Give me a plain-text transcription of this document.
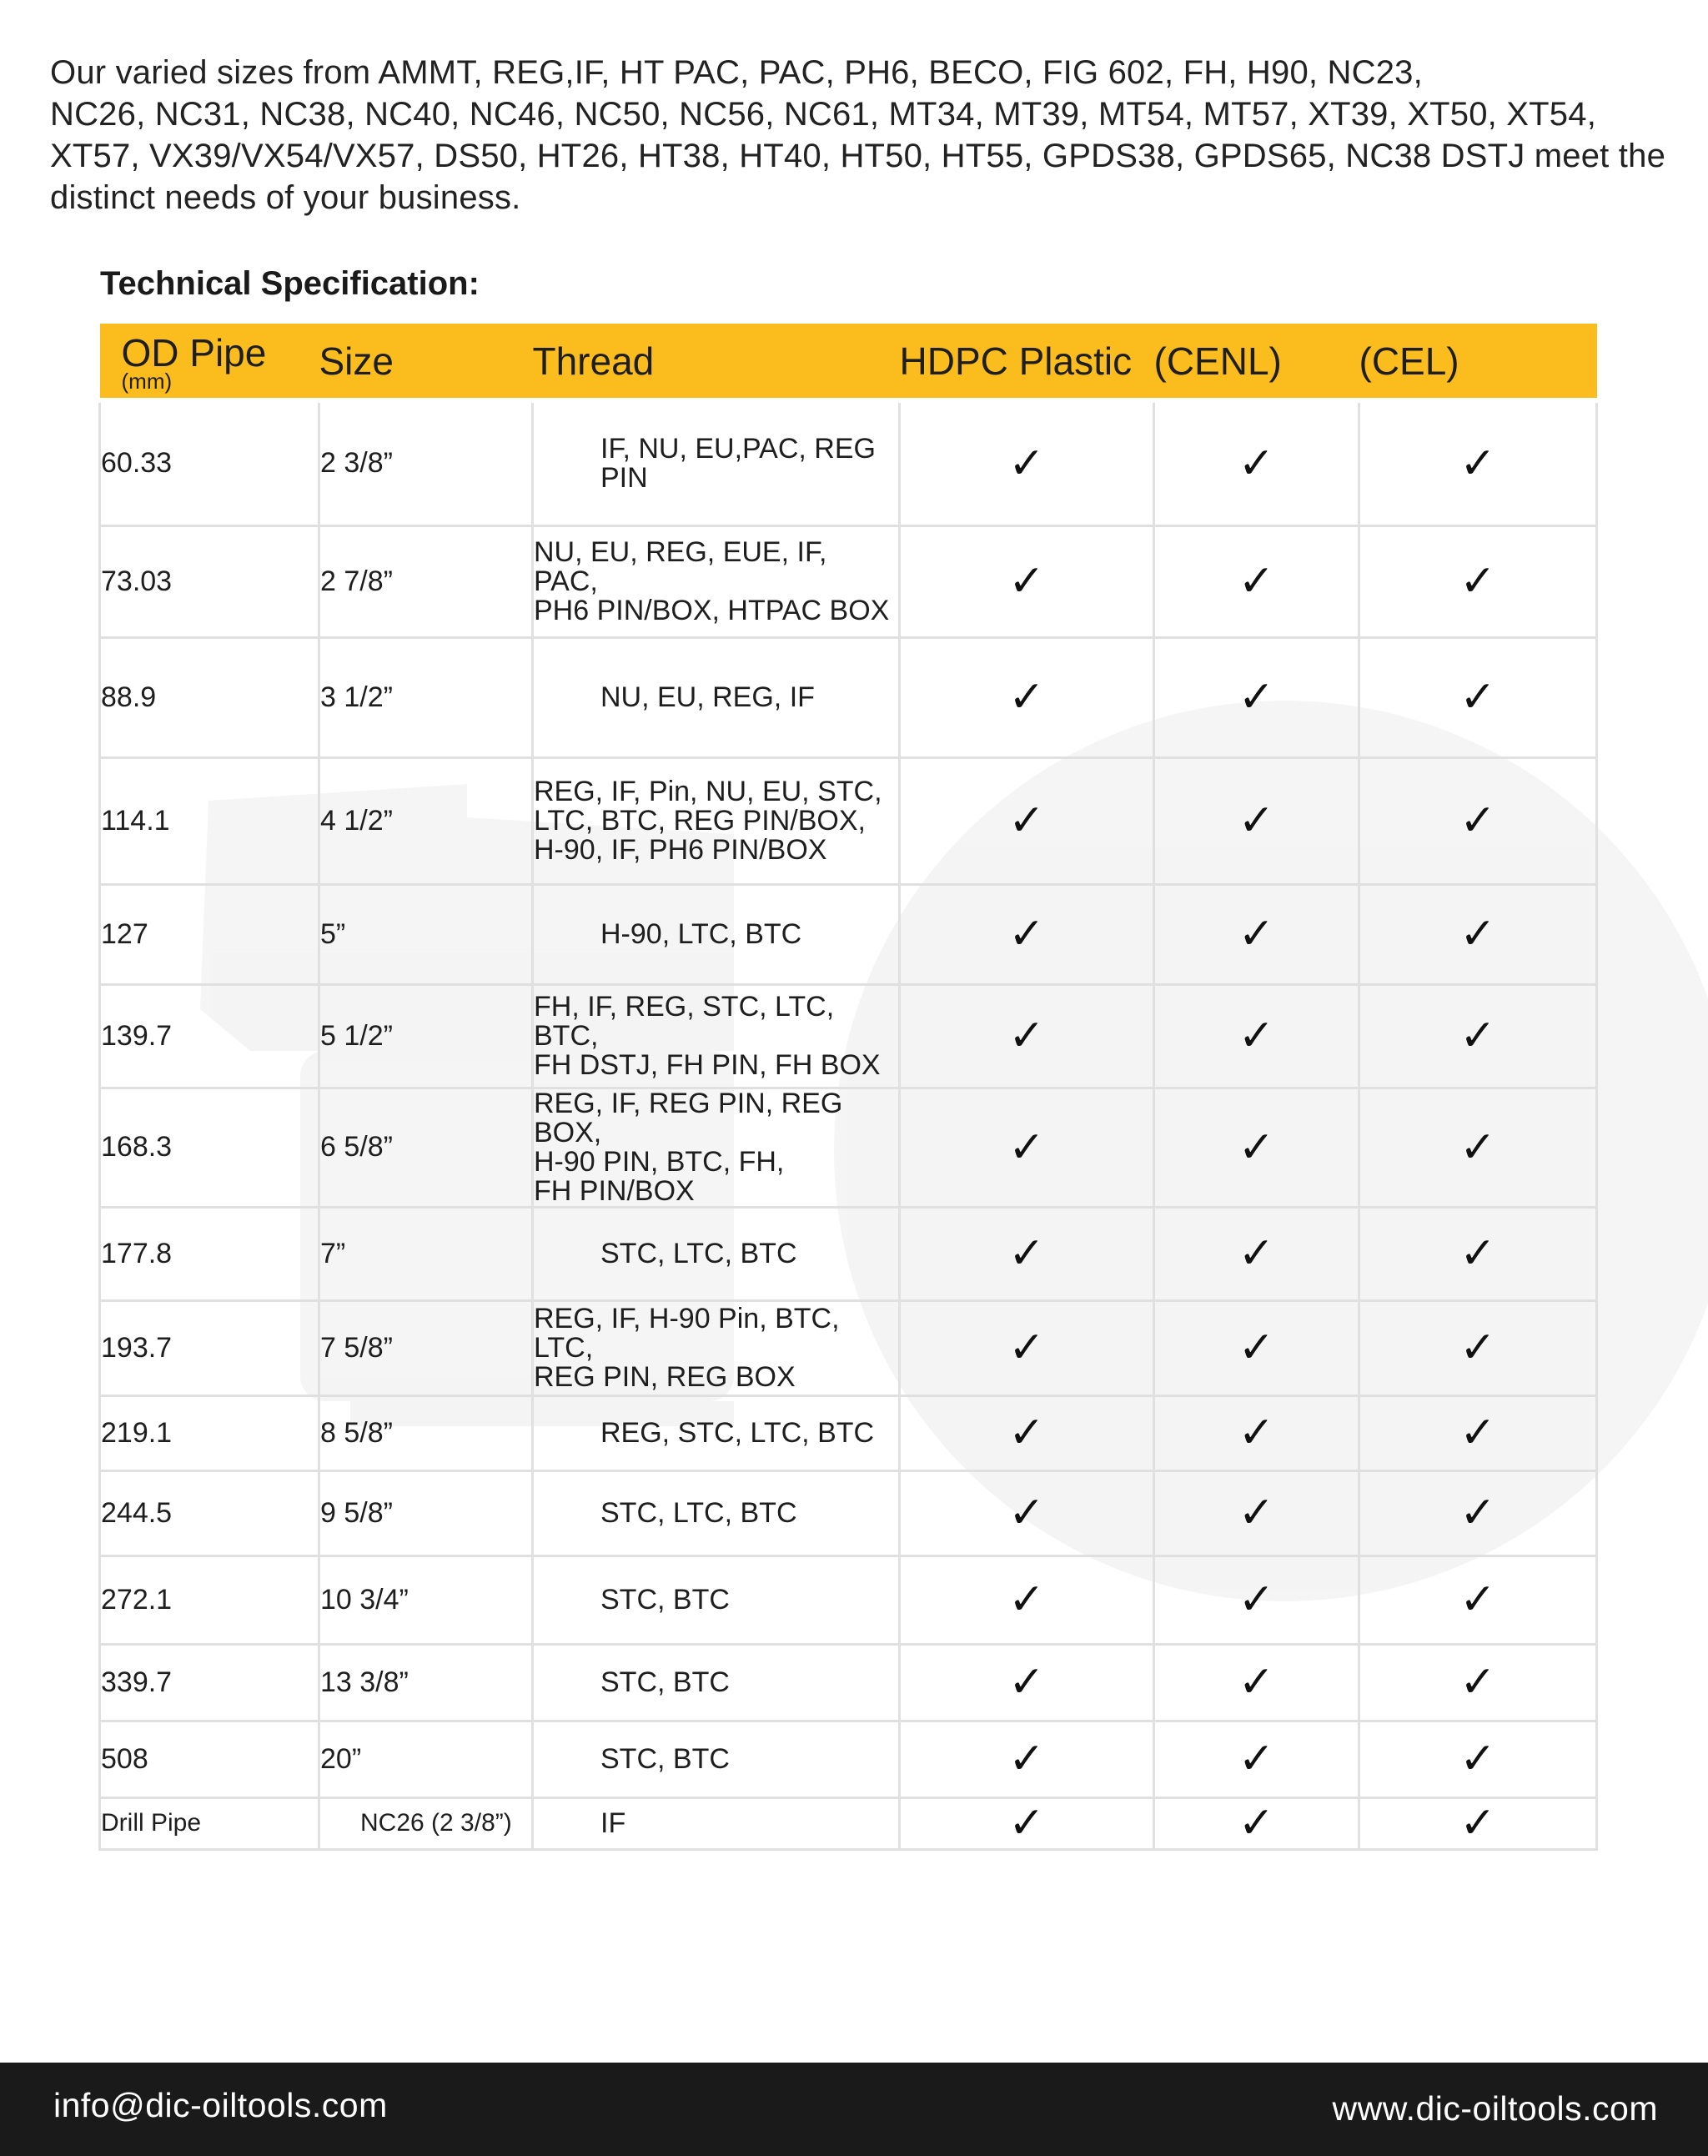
Our varied sizes from AMMT, REG,IF, HT PAC, PAC, PH6, BECO, FIG 602, FH, H90, NC23,
NC26, NC31, NC38, NC40, NC46, NC50, NC56, NC61, MT34, MT39, MT54, MT57, XT39, XT50, XT54,
XT57, VX39/VX54/VX57, DS50, HT26, HT38, HT40, HT50, HT55, GPDS38, GPDS65, NC38 DSTJ meet the
distinct needs of your business.
Technical Specification:
OD Pipe
(mm)	Size	Thread	HDPC Plastic	(CENL)	(CEL)
60.33	2 3/8”	IF, NU, EU,PAC, REG PIN	✓	✓	✓
73.03	2 7/8”	NU, EU, REG, EUE, IF, PAC,
PH6 PIN/BOX, HTPAC BOX	✓	✓	✓
88.9	3 1/2”	NU, EU, REG, IF	✓	✓	✓
114.1	4 1/2”	REG, IF, Pin, NU, EU, STC,
LTC, BTC, REG PIN/BOX,
H-90, IF, PH6 PIN/BOX	✓	✓	✓
127	5”	H-90, LTC, BTC	✓	✓	✓
139.7	5 1/2”	FH, IF, REG, STC, LTC, BTC,
FH DSTJ, FH PIN, FH BOX	✓	✓	✓
168.3	6 5/8”	REG, IF, REG PIN, REG BOX,
H-90 PIN, BTC, FH,
FH PIN/BOX	✓	✓	✓
177.8	7”	STC, LTC, BTC	✓	✓	✓
193.7	7 5/8”	REG, IF, H-90 Pin, BTC, LTC,
REG PIN, REG BOX	✓	✓	✓
219.1	8 5/8”	REG, STC, LTC, BTC	✓	✓	✓
244.5	9 5/8”	STC, LTC, BTC	✓	✓	✓
272.1	10 3/4”	STC, BTC	✓	✓	✓
339.7	13 3/8”	STC, BTC	✓	✓	✓
508	20”	STC, BTC	✓	✓	✓
Drill Pipe	NC26 (2 3/8”)	IF	✓	✓	✓
info@dic-oiltools.com	www.dic-oiltools.com
